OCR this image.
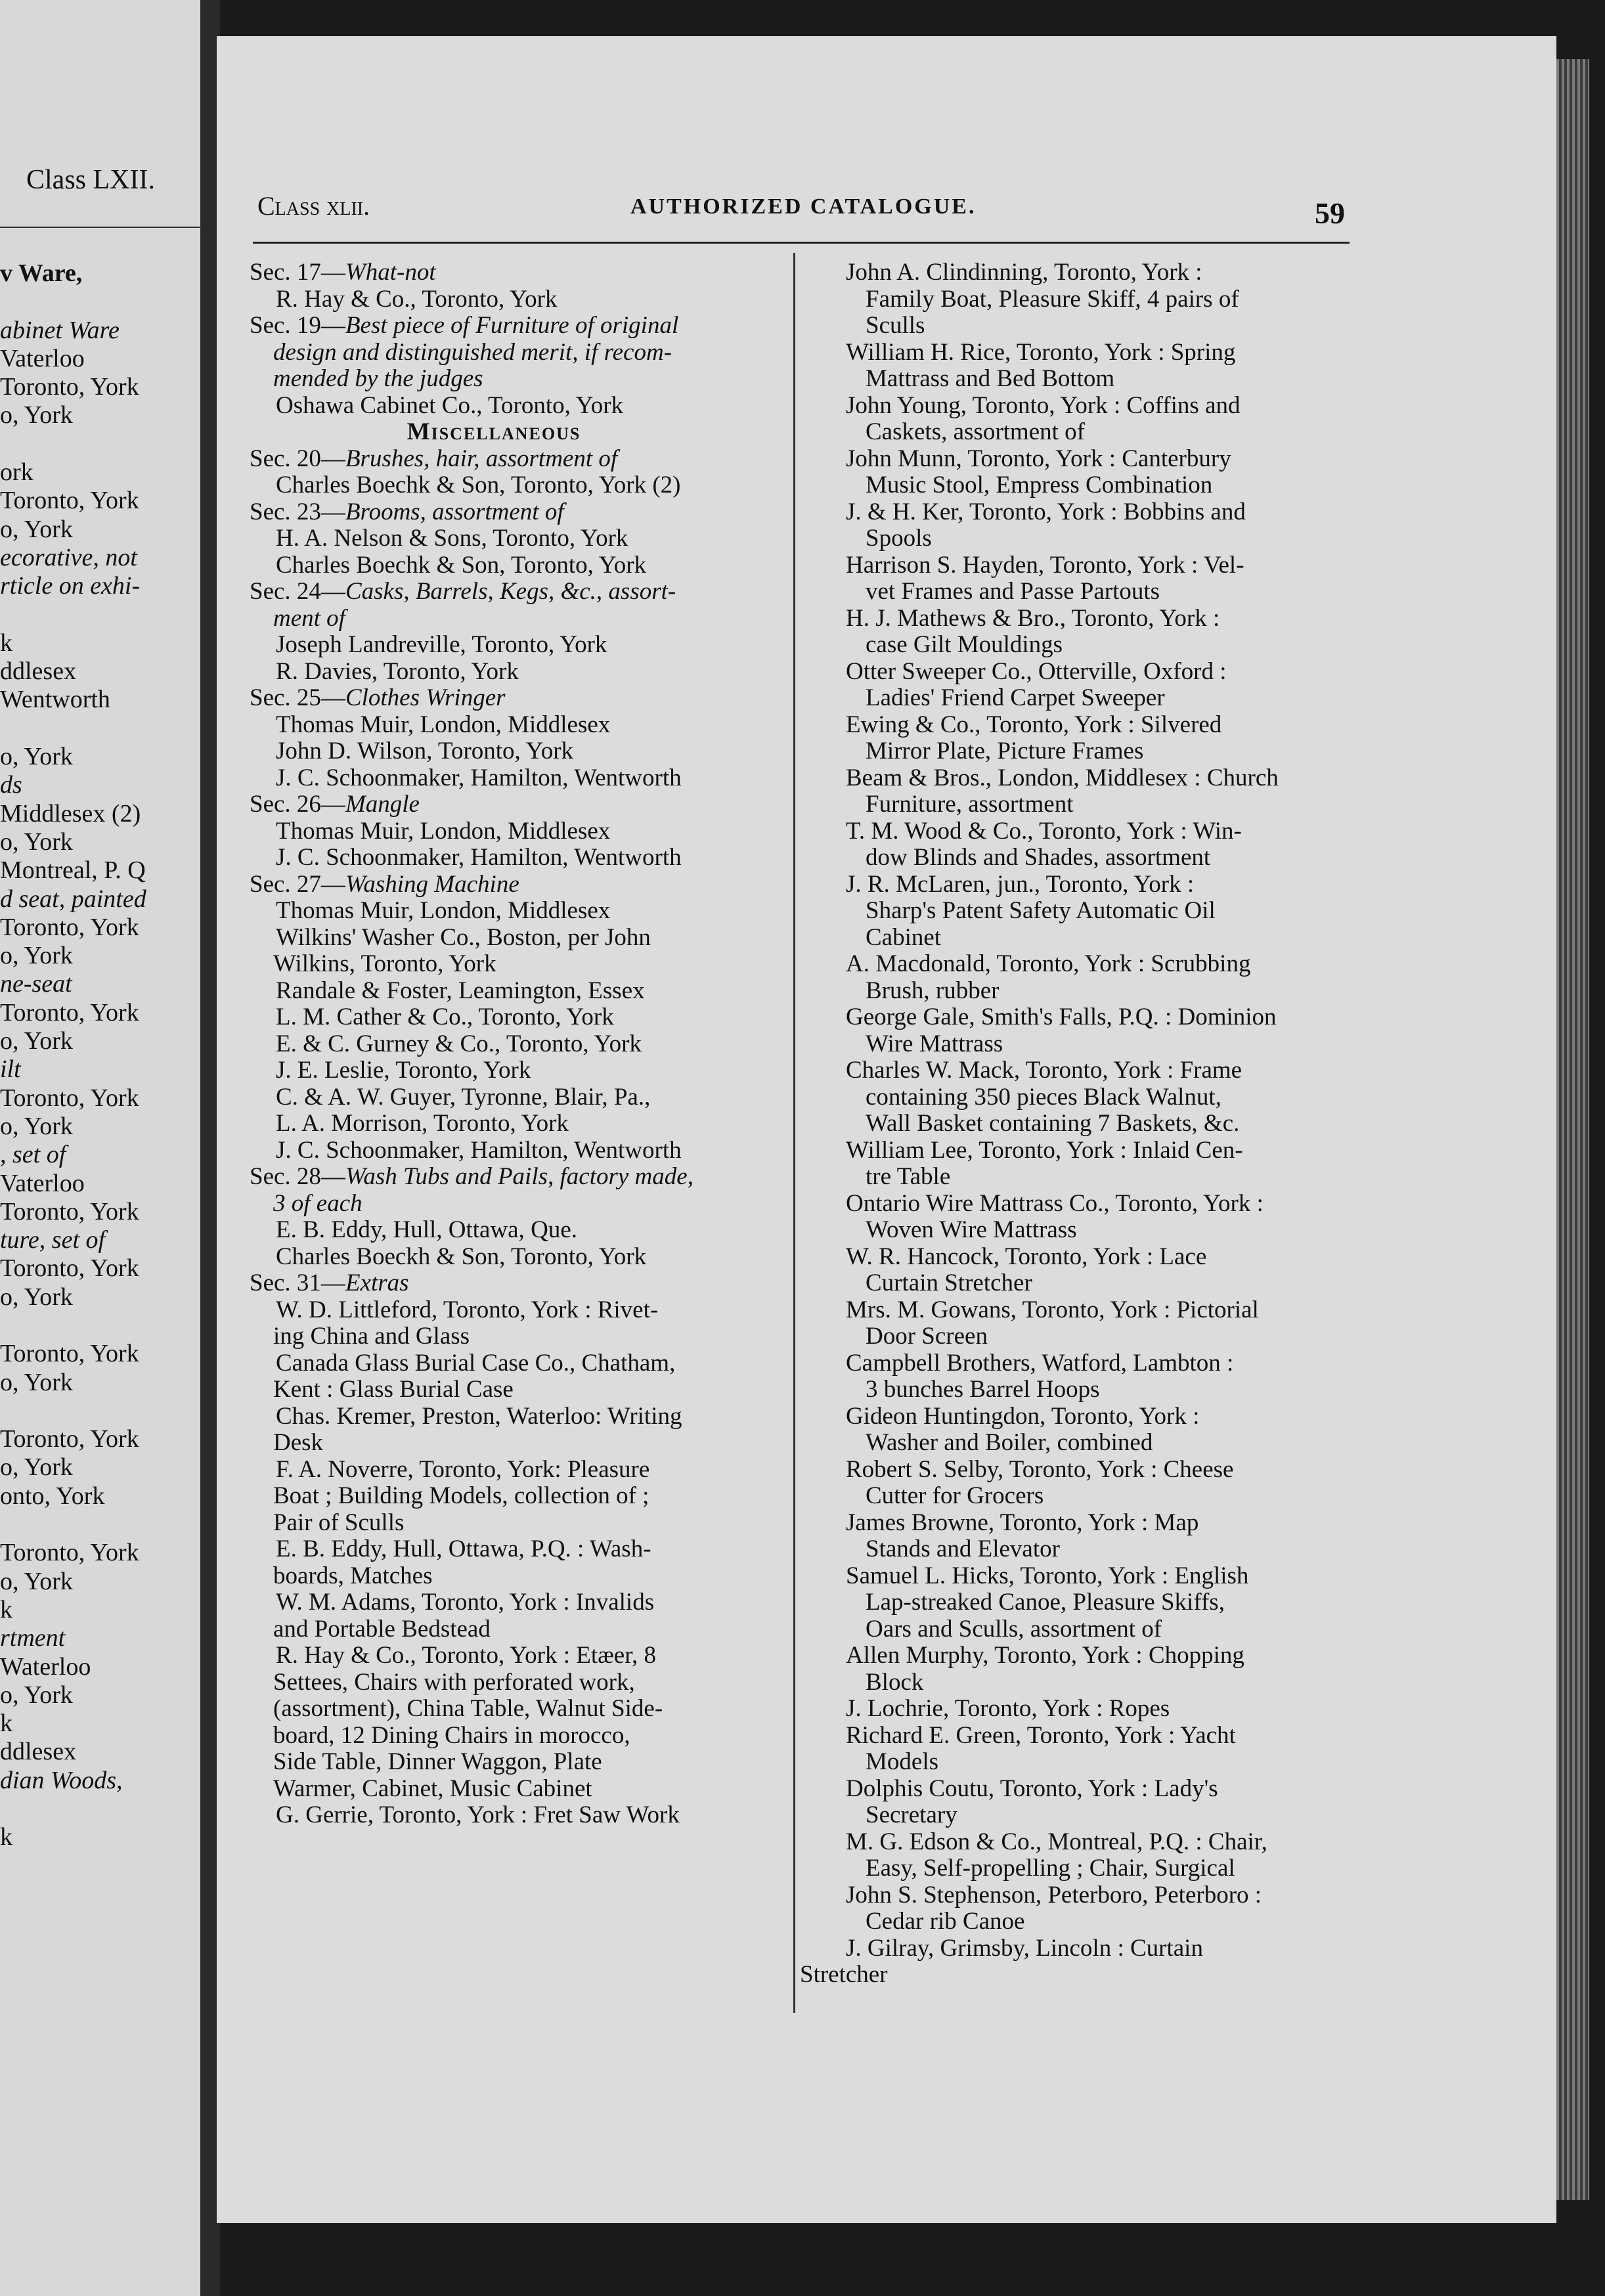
Class LXII.
v Ware,
abinet Ware
Vaterloo
Toronto, York
o, York
ork
Toronto, York
o, York
ecorative, not
rticle on exhi-
k
ddlesex
Wentworth
o, York
ds
Middlesex (2)
o, York
Montreal, P. Q
d seat, painted
Toronto, York
o, York
ne-seat
Toronto, York
o, York
ilt
Toronto, York
o, York
, set of
Vaterloo
Toronto, York
ture, set of
Toronto, York
o, York
Toronto, York
o, York
Toronto, York
o, York
onto, York
Toronto, York
o, York
k
rtment
Waterloo
o, York
k
ddlesex
dian Woods,
k
Class xlii.	AUTHORIZED CATALOGUE.	59
Sec. 17—What-not
R. Hay & Co., Toronto, York
Sec. 19—Best piece of Furniture of original
design and distinguished merit, if recom-
mended by the judges
Oshawa Cabinet Co., Toronto, York
Miscellaneous
Sec. 20—Brushes, hair, assortment of
Charles Boechk & Son, Toronto, York (2)
Sec. 23—Brooms, assortment of
H. A. Nelson & Sons, Toronto, York
Charles Boechk & Son, Toronto, York
Sec. 24—Casks, Barrels, Kegs, &c., assort-
ment of
Joseph Landreville, Toronto, York
R. Davies, Toronto, York
Sec. 25—Clothes Wringer
Thomas Muir, London, Middlesex
John D. Wilson, Toronto, York
J. C. Schoonmaker, Hamilton, Wentworth
Sec. 26—Mangle
Thomas Muir, London, Middlesex
J. C. Schoonmaker, Hamilton, Wentworth
Sec. 27—Washing Machine
Thomas Muir, London, Middlesex
Wilkins' Washer Co., Boston, per John
Wilkins, Toronto, York
Randale & Foster, Leamington, Essex
L. M. Cather & Co., Toronto, York
E. & C. Gurney & Co., Toronto, York
J. E. Leslie, Toronto, York
C. & A. W. Guyer, Tyronne, Blair, Pa.,
L. A. Morrison, Toronto, York
J. C. Schoonmaker, Hamilton, Wentworth
Sec. 28—Wash Tubs and Pails, factory made,
3 of each
E. B. Eddy, Hull, Ottawa, Que.
Charles Boeckh & Son, Toronto, York
Sec. 31—Extras
W. D. Littleford, Toronto, York : Rivet-
ing China and Glass
Canada Glass Burial Case Co., Chatham,
Kent : Glass Burial Case
Chas. Kremer, Preston, Waterloo: Writing
Desk
F. A. Noverre, Toronto, York: Pleasure
Boat ; Building Models, collection of ;
Pair of Sculls
E. B. Eddy, Hull, Ottawa, P.Q. : Wash-
boards, Matches
W. M. Adams, Toronto, York : Invalids
and Portable Bedstead
R. Hay & Co., Toronto, York : Etæer, 8
Settees, Chairs with perforated work,
(assortment), China Table, Walnut Side-
board, 12 Dining Chairs in morocco,
Side Table, Dinner Waggon, Plate
Warmer, Cabinet, Music Cabinet
G. Gerrie, Toronto, York : Fret Saw Work
John A. Clindinning, Toronto, York :
Family Boat, Pleasure Skiff, 4 pairs of
Sculls
William H. Rice, Toronto, York : Spring
Mattrass and Bed Bottom
John Young, Toronto, York : Coffins and
Caskets, assortment of
John Munn, Toronto, York : Canterbury
Music Stool, Empress Combination
J. & H. Ker, Toronto, York : Bobbins and
Spools
Harrison S. Hayden, Toronto, York : Vel-
vet Frames and Passe Partouts
H. J. Mathews & Bro., Toronto, York :
case Gilt Mouldings
Otter Sweeper Co., Otterville, Oxford :
Ladies' Friend Carpet Sweeper
Ewing & Co., Toronto, York : Silvered
Mirror Plate, Picture Frames
Beam & Bros., London, Middlesex : Church
Furniture, assortment
T. M. Wood & Co., Toronto, York : Win-
dow Blinds and Shades, assortment
J. R. McLaren, jun., Toronto, York :
Sharp's Patent Safety Automatic Oil
Cabinet
A. Macdonald, Toronto, York : Scrubbing
Brush, rubber
George Gale, Smith's Falls, P.Q. : Dominion
Wire Mattrass
Charles W. Mack, Toronto, York : Frame
containing 350 pieces Black Walnut,
Wall Basket containing 7 Baskets, &c.
William Lee, Toronto, York : Inlaid Cen-
tre Table
Ontario Wire Mattrass Co., Toronto, York :
Woven Wire Mattrass
W. R. Hancock, Toronto, York : Lace
Curtain Stretcher
Mrs. M. Gowans, Toronto, York : Pictorial
Door Screen
Campbell Brothers, Watford, Lambton :
3 bunches Barrel Hoops
Gideon Huntingdon, Toronto, York :
Washer and Boiler, combined
Robert S. Selby, Toronto, York : Cheese
Cutter for Grocers
James Browne, Toronto, York : Map
Stands and Elevator
Samuel L. Hicks, Toronto, York : English
Lap-streaked Canoe, Pleasure Skiffs,
Oars and Sculls, assortment of
Allen Murphy, Toronto, York : Chopping
Block
J. Lochrie, Toronto, York : Ropes
Richard E. Green, Toronto, York : Yacht
Models
Dolphis Coutu, Toronto, York : Lady's
Secretary
M. G. Edson & Co., Montreal, P.Q. : Chair,
Easy, Self-propelling ; Chair, Surgical
John S. Stephenson, Peterboro, Peterboro :
Cedar rib Canoe
J. Gilray, Grimsby, Lincoln : Curtain
Stretcher
